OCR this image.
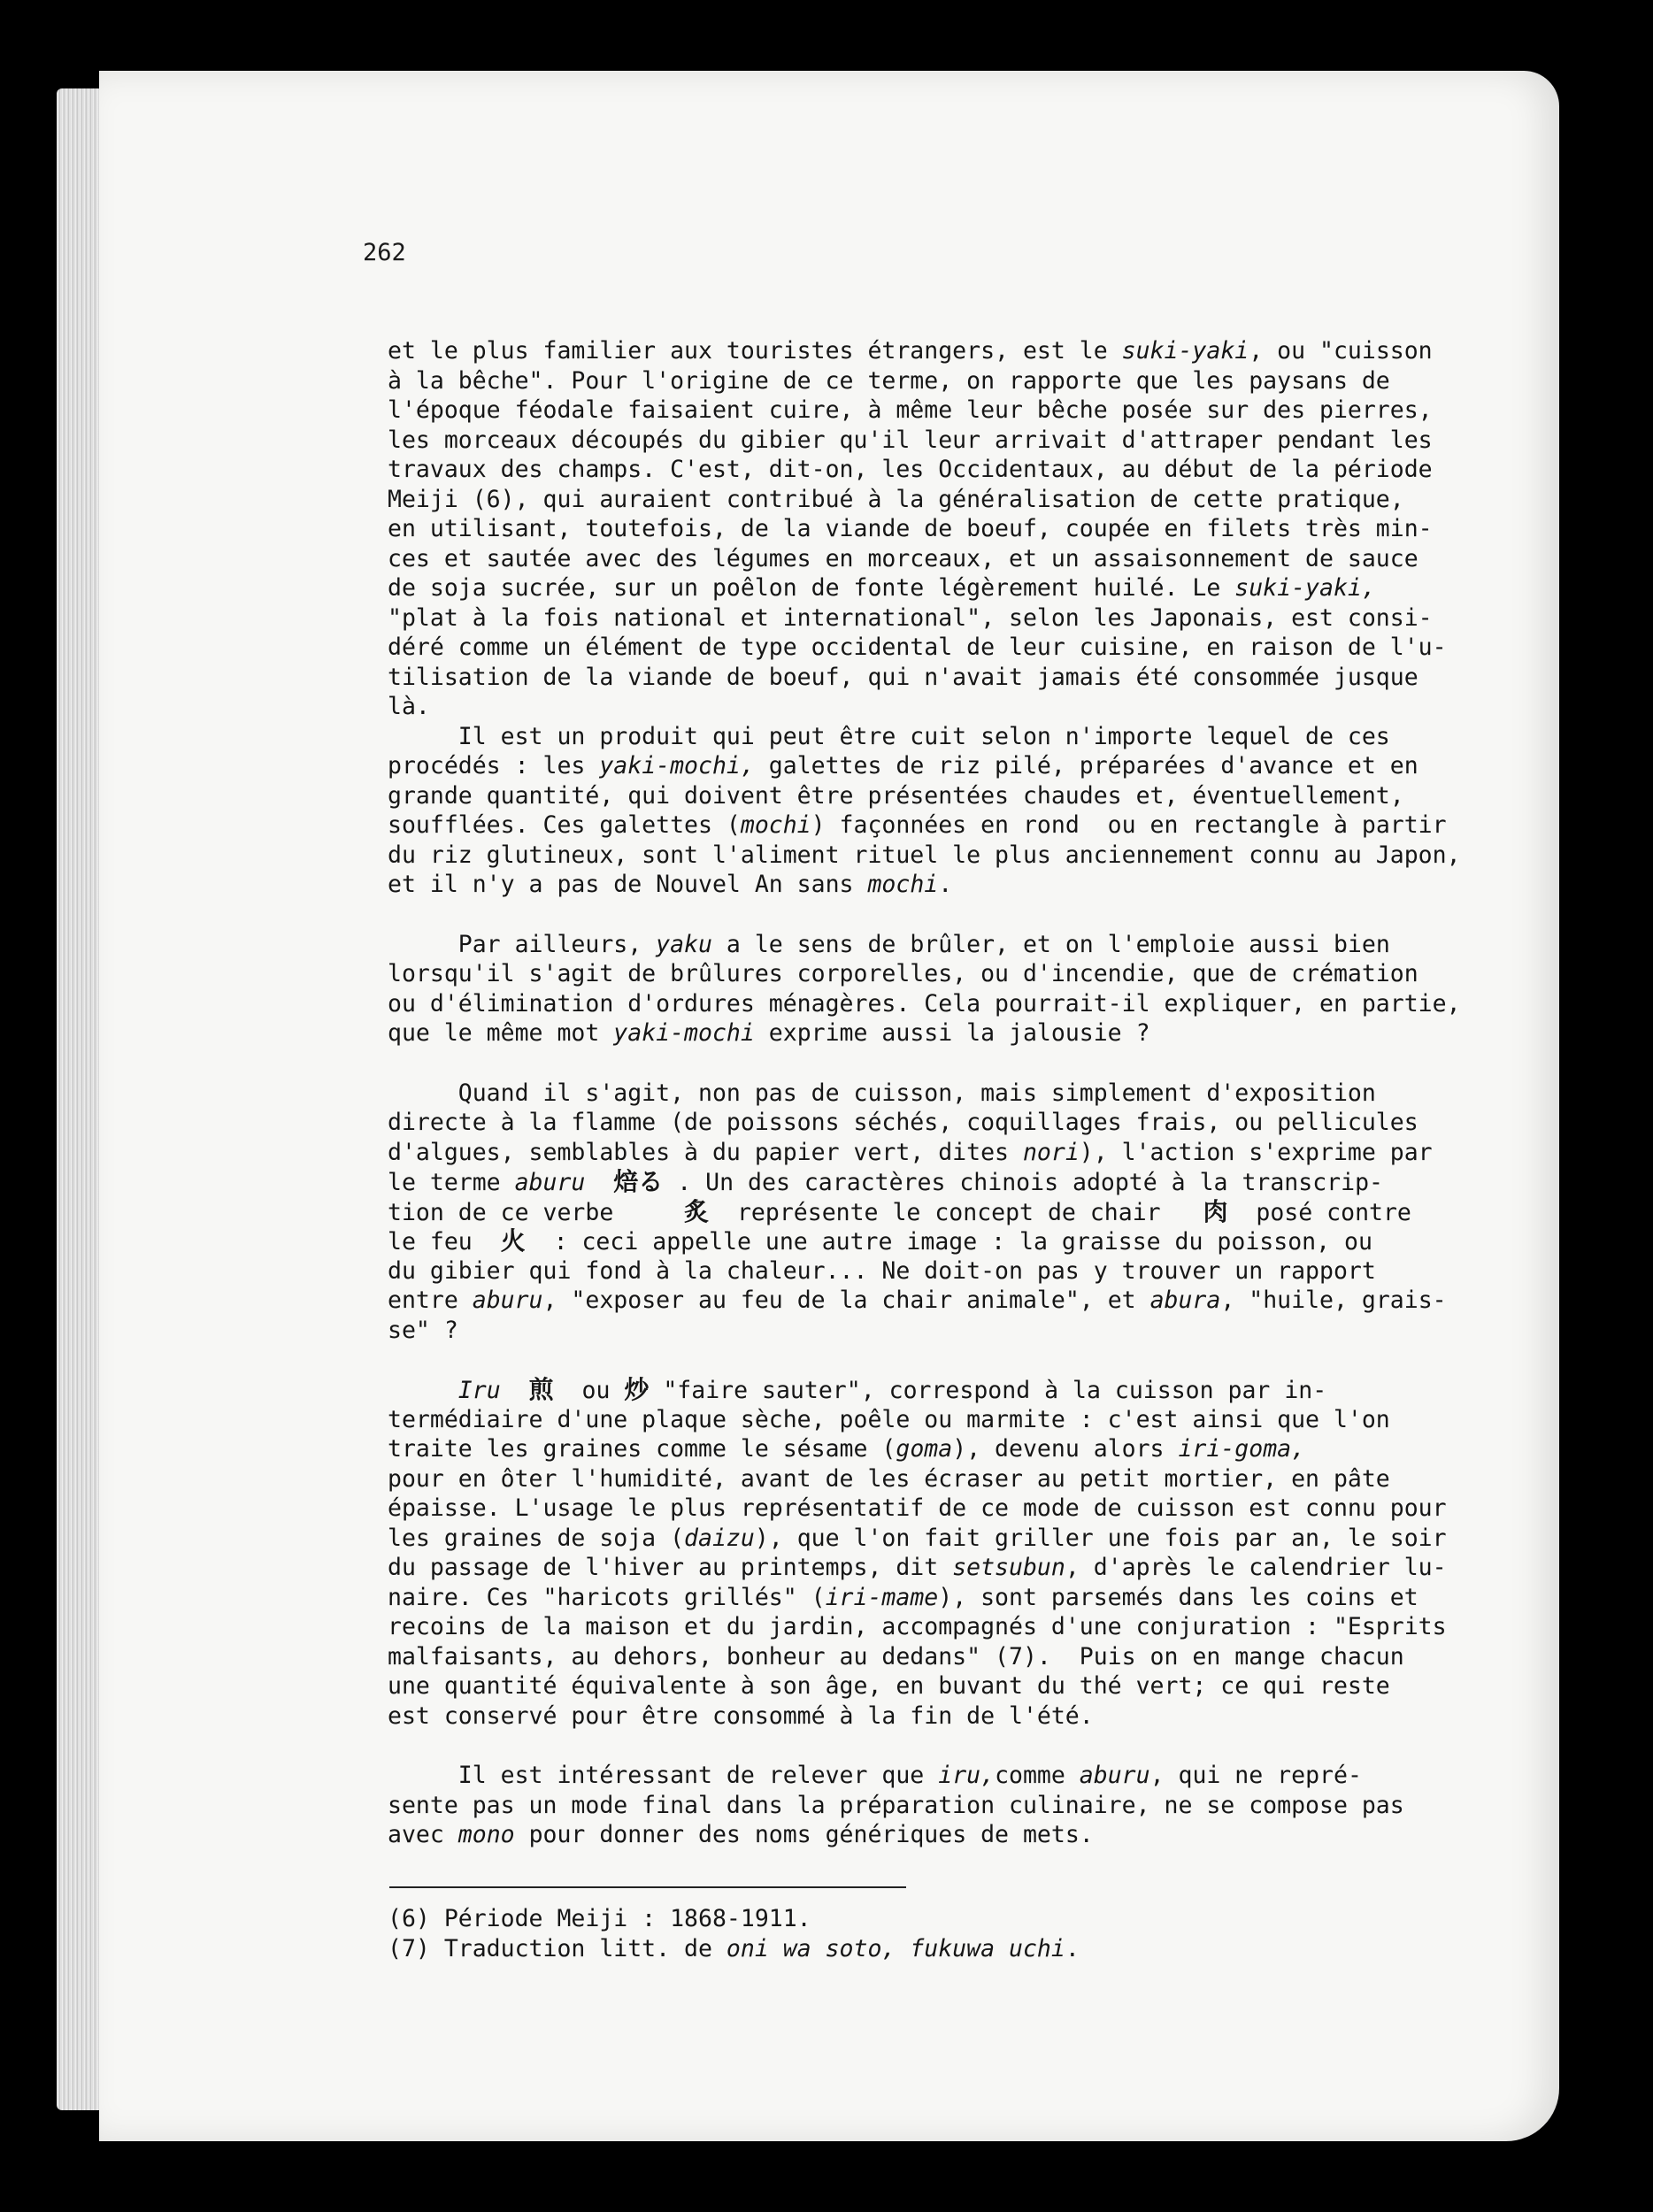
262
et le plus familier aux touristes étrangers, est le suki-yaki, ou "cuisson
à la bêche". Pour l'origine de ce terme, on rapporte que les paysans de
l'époque féodale faisaient cuire, à même leur bêche posée sur des pierres,
les morceaux découpés du gibier qu'il leur arrivait d'attraper pendant les
travaux des champs. C'est, dit-on, les Occidentaux, au début de la période
Meiji (6), qui auraient contribué à la généralisation de cette pratique,
en utilisant, toutefois, de la viande de boeuf, coupée en filets très min-
ces et sautée avec des légumes en morceaux, et un assaisonnement de sauce
de soja sucrée, sur un poêlon de fonte légèrement huilé. Le suki-yaki,
"plat à la fois national et international", selon les Japonais, est consi-
déré comme un élément de type occidental de leur cuisine, en raison de l'u-
tilisation de la viande de boeuf, qui n'avait jamais été consommée jusque
là.
Il est un produit qui peut être cuit selon n'importe lequel de ces
procédés : les yaki-mochi, galettes de riz pilé, préparées d'avance et en
grande quantité, qui doivent être présentées chaudes et, éventuellement,
soufflées. Ces galettes (mochi) façonnées en rond  ou en rectangle à partir
du riz glutineux, sont l'aliment rituel le plus anciennement connu au Japon,
et il n'y a pas de Nouvel An sans mochi.
Par ailleurs, yaku a le sens de brûler, et on l'emploie aussi bien
lorsqu'il s'agit de brûlures corporelles, ou d'incendie, que de crémation
ou d'élimination d'ordures ménagères. Cela pourrait-il expliquer, en partie,
que le même mot yaki-mochi exprime aussi la jalousie ?
Quand il s'agit, non pas de cuisson, mais simplement d'exposition
directe à la flamme (de poissons séchés, coquillages frais, ou pellicules
d'algues, semblables à du papier vert, dites nori), l'action s'exprime par
le terme aburu 焙る . Un des caractères chinois adopté à la transcrip-
tion de ce verbe     炙  représente le concept de chair   肉  posé contre
le feu  火  : ceci appelle une autre image : la graisse du poisson, ou
du gibier qui fond à la chaleur... Ne doit-on pas y trouver un rapport
entre aburu, "exposer au feu de la chair animale", et abura, "huile, grais-
se" ?
Iru 煎  ou 炒 "faire sauter", correspond à la cuisson par in-
termédiaire d'une plaque sèche, poêle ou marmite : c'est ainsi que l'on
traite les graines comme le sésame (goma), devenu alors iri-goma,
pour en ôter l'humidité, avant de les écraser au petit mortier, en pâte
épaisse. L'usage le plus représentatif de ce mode de cuisson est connu pour
les graines de soja (daizu), que l'on fait griller une fois par an, le soir
du passage de l'hiver au printemps, dit setsubun, d'après le calendrier lu-
naire. Ces "haricots grillés" (iri-mame), sont parsemés dans les coins et
recoins de la maison et du jardin, accompagnés d'une conjuration : "Esprits
malfaisants, au dehors, bonheur au dedans" (7).  Puis on en mange chacun
une quantité équivalente à son âge, en buvant du thé vert; ce qui reste
est conservé pour être consommé à la fin de l'été.
Il est intéressant de relever que iru,comme aburu, qui ne repré-
sente pas un mode final dans la préparation culinaire, ne se compose pas
avec mono pour donner des noms génériques de mets.
(6) Période Meiji : 1868-1911.
(7) Traduction litt. de oni wa soto, fukuwa uchi.
